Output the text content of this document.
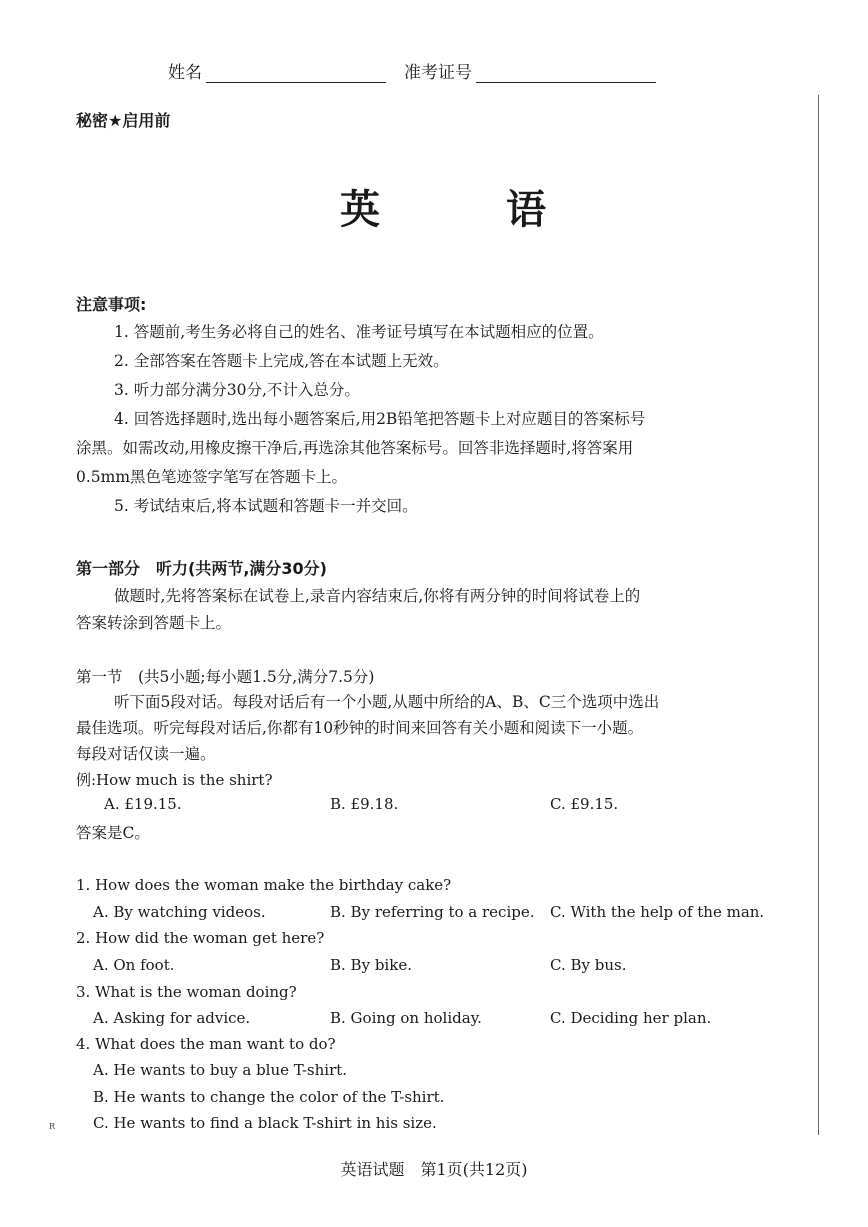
姓名	准考证号
秘密★启用前
英 语
注意事项:
1. 答题前,考生务必将自己的姓名、准考证号填写在本试题相应的位置。
2. 全部答案在答题卡上完成,答在本试题上无效。
3. 听力部分满分30分,不计入总分。
4. 回答选择题时,选出每小题答案后,用2B铅笔把答题卡上对应题目的答案标号
涂黑。如需改动,用橡皮擦干净后,再选涂其他答案标号。回答非选择题时,将答案用
0.5mm黑色笔迹签字笔写在答题卡上。
5. 考试结束后,将本试题和答题卡一并交回。
第一部分　听力(共两节,满分30分)
做题时,先将答案标在试卷上,录音内容结束后,你将有两分钟的时间将试卷上的
答案转涂到答题卡上。
第一节　(共5小题;每小题1.5分,满分7.5分)
听下面5段对话。每段对话后有一个小题,从题中所给的A、B、C三个选项中选出
最佳选项。听完每段对话后,你都有10秒钟的时间来回答有关小题和阅读下一小题。
每段对话仅读一遍。
例:How much is the shirt?
A. £19.15.	B. £9.18.	C. £9.15.
答案是C。
1. How does the woman make the birthday cake?
A. By watching videos.	B. By referring to a recipe. C. With the help of the man.
2. How did the woman get here?
A. On foot.	B. By bike.	C. By bus.
3. What is the woman doing?
A. Asking for advice.	B. Going on holiday.	C. Deciding her plan.
4. What does the man want to do?
A. He wants to buy a blue T-shirt.
B. He wants to change the color of the T-shirt.
C. He wants to find a black T-shirt in his size.
R
英语试题　第1页(共12页)
